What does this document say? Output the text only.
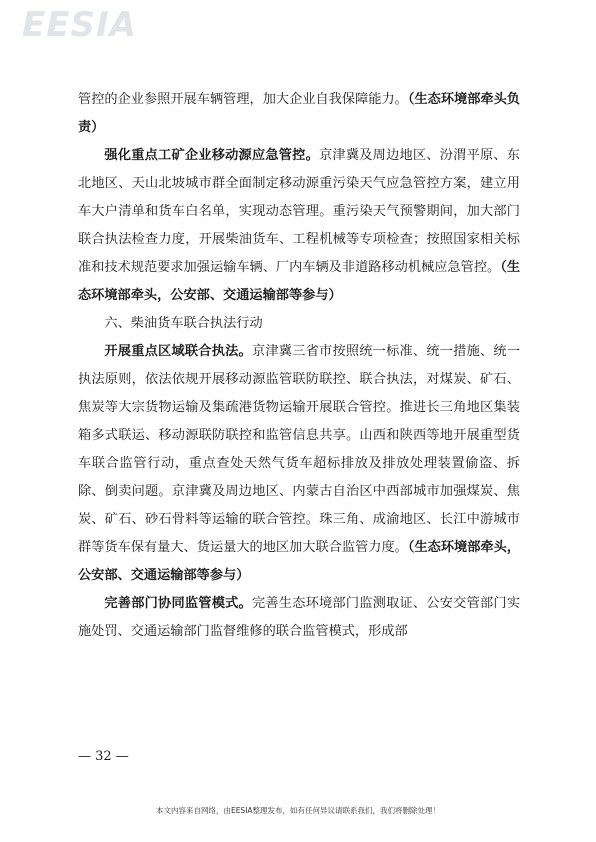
EESIA

管控的企业参照开展车辆管理，加大企业自我保障能力。（生态环境部牵头负责）

强化重点工矿企业移动源应急管控。京津冀及周边地区、汾渭平原、东北地区、天山北坡城市群全面制定移动源重污染天气应急管控方案，建立用车大户清单和货车白名单，实现动态管理。重污染天气预警期间，加大部门联合执法检查力度，开展柴油货车、工程机械等专项检查；按照国家相关标准和技术规范要求加强运输车辆、厂内车辆及非道路移动机械应急管控。（生态环境部牵头，公安部、交通运输部等参与）

六、柴油货车联合执法行动

开展重点区域联合执法。京津冀三省市按照统一标准、统一措施、统一执法原则，依法依规开展移动源监管联防联控、联合执法，对煤炭、矿石、焦炭等大宗货物运输及集疏港货物运输开展联合管控。推进长三角地区集装箱多式联运、移动源联防联控和监管信息共享。山西和陕西等地开展重型货车联合监管行动，重点查处天然气货车超标排放及排放处理装置偷盗、拆除、倒卖问题。京津冀及周边地区、内蒙古自治区中西部城市加强煤炭、焦炭、矿石、砂石骨料等运输的联合管控。珠三角、成渝地区、长江中游城市群等货车保有量大、货运量大的地区加大联合监管力度。（生态环境部牵头，公安部、交通运输部等参与）

完善部门协同监管模式。完善生态环境部门监测取证、公安交管部门实施处罚、交通运输部门监督维修的联合监管模式，形成部

— 32 —
本文内容来自网络，由EESIA整理发布，如有任何异议请联系我们，我们将删除处理！
